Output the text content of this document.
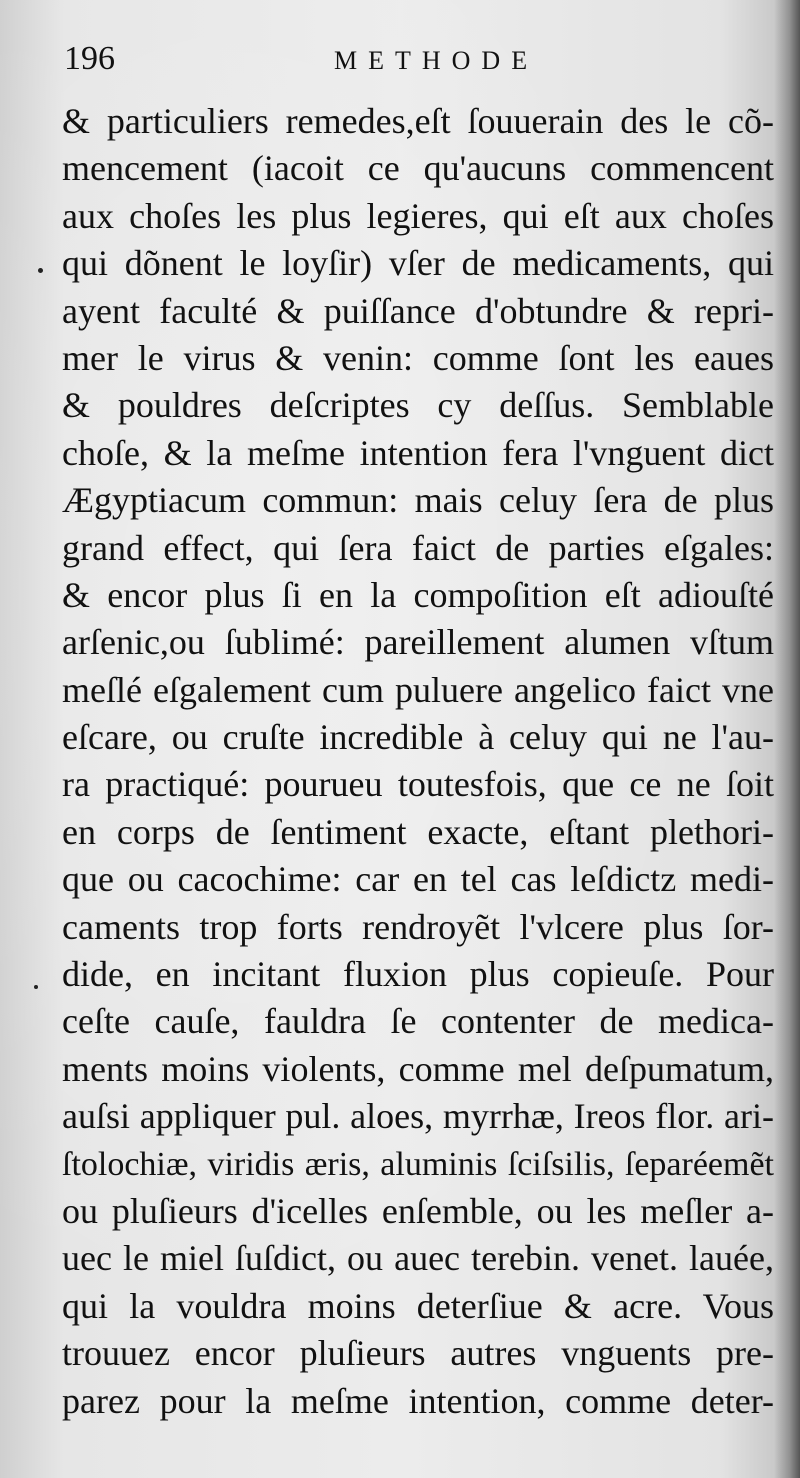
196	METHODE
& particuliers remedes,eſt ſouuerain des le cõ-
mencement (iacoit ce qu'aucuns commencent
aux choſes les plus legieres, qui eſt aux choſes
qui dõnent le loyſir) vſer de medicaments, qui
ayent faculté & puiſſance d'obtundre & repri-
mer le virus & venin: comme ſont les eaues
& pouldres deſcriptes cy deſſus. Semblable
choſe, & la meſme intention fera l'vnguent dict
Ægyptiacum commun: mais celuy ſera de plus
grand effect, qui ſera faict de parties eſgales:
& encor plus ſi en la compoſition eſt adiouſté
arſenic,ou ſublimé: pareillement alumen vſtum
meſlé eſgalement cum puluere angelico faict vne
eſcare, ou cruſte incredible à celuy qui ne l'au-
ra practiqué: pourueu toutesfois, que ce ne ſoit
en corps de ſentiment exacte, eſtant plethori-
que ou cacochime: car en tel cas leſdictz medi-
caments trop forts rendroyẽt l'vlcere plus ſor-
dide, en incitant fluxion plus copieuſe. Pour
ceſte cauſe, fauldra ſe contenter de medica-
ments moins violents, comme mel deſpumatum,
auſsi appliquer pul. aloes, myrrhæ, Ireos flor. ari-
ſtolochiæ, viridis æris, aluminis ſciſsilis, ſeparéemẽt
ou pluſieurs d'icelles enſemble, ou les meſler a-
uec le miel ſuſdict, ou auec terebin. venet. lauée,
qui la vouldra moins deterſiue & acre. Vous
trouuez encor pluſieurs autres vnguents pre-
parez pour la meſme intention, comme deter-
